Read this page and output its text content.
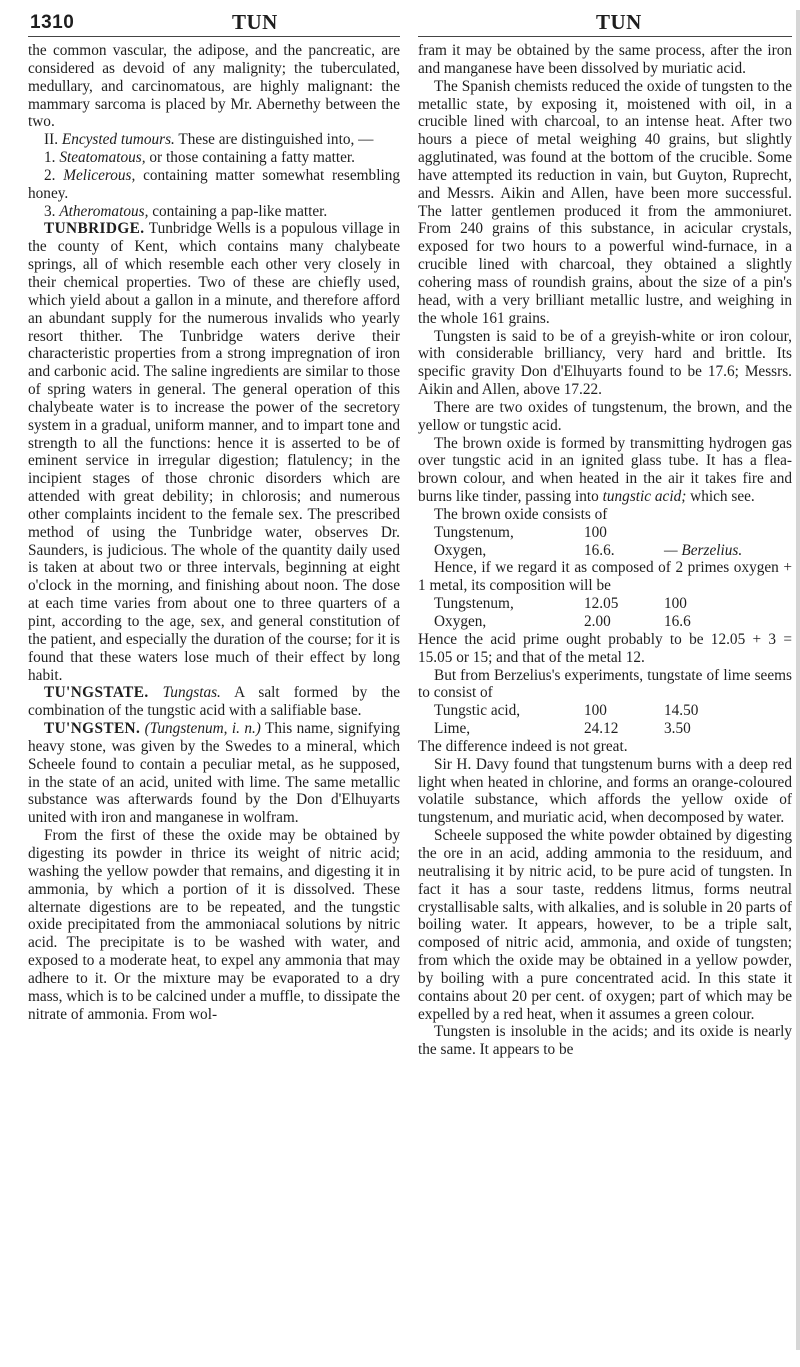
1310	TUN	TUN

the common vascular, the adipose, and the pancreatic, are considered as devoid of any malignity; the tuberculated, medullary, and carcinomatous, are highly malignant: the mammary sarcoma is placed by Mr. Abernethy between the two.

II. Encysted tumours. These are distinguished into, —

1. Steatomatous, or those containing a fatty matter.

2. Melicerous, containing matter somewhat resembling honey.

3. Atheromatous, containing a pap-like matter.

TUNBRIDGE. Tunbridge Wells is a populous village in the county of Kent, which contains many chalybeate springs, all of which resemble each other very closely in their chemical properties. Two of these are chiefly used, which yield about a gallon in a minute, and therefore afford an abundant supply for the numerous invalids who yearly resort thither. The Tunbridge waters derive their characteristic properties from a strong impregnation of iron and carbonic acid. The saline ingredients are similar to those of spring waters in general. The general operation of this chalybeate water is to increase the power of the secretory system in a gradual, uniform manner, and to impart tone and strength to all the functions: hence it is asserted to be of eminent service in irregular digestion; flatulency; in the incipient stages of those chronic disorders which are attended with great debility; in chlorosis; and numerous other complaints incident to the female sex. The prescribed method of using the Tunbridge water, observes Dr. Saunders, is judicious. The whole of the quantity daily used is taken at about two or three intervals, beginning at eight o'clock in the morning, and finishing about noon. The dose at each time varies from about one to three quarters of a pint, according to the age, sex, and general constitution of the patient, and especially the duration of the course; for it is found that these waters lose much of their effect by long habit.

TU'NGSTATE. Tungstas. A salt formed by the combination of the tungstic acid with a salifiable base.

TU'NGSTEN. (Tungstenum, i. n.) This name, signifying heavy stone, was given by the Swedes to a mineral, which Scheele found to contain a peculiar metal, as he supposed, in the state of an acid, united with lime. The same metallic substance was afterwards found by the Don d'Elhuyarts united with iron and manganese in wolfram.

From the first of these the oxide may be obtained by digesting its powder in thrice its weight of nitric acid; washing the yellow powder that remains, and digesting it in ammonia, by which a portion of it is dissolved. These alternate digestions are to be repeated, and the tungstic oxide precipitated from the ammoniacal solutions by nitric acid. The precipitate is to be washed with water, and exposed to a moderate heat, to expel any ammonia that may adhere to it. Or the mixture may be evaporated to a dry mass, which is to be calcined under a muffle, to dissipate the nitrate of ammonia. From wol-

fram it may be obtained by the same process, after the iron and manganese have been dissolved by muriatic acid.

The Spanish chemists reduced the oxide of tungsten to the metallic state, by exposing it, moistened with oil, in a crucible lined with charcoal, to an intense heat. After two hours a piece of metal weighing 40 grains, but slightly agglutinated, was found at the bottom of the crucible. Some have attempted its reduction in vain, but Guyton, Ruprecht, and Messrs. Aikin and Allen, have been more successful. The latter gentlemen produced it from the ammoniuret. From 240 grains of this substance, in acicular crystals, exposed for two hours to a powerful wind-furnace, in a crucible lined with charcoal, they obtained a slightly cohering mass of roundish grains, about the size of a pin's head, with a very brilliant metallic lustre, and weighing in the whole 161 grains.

Tungsten is said to be of a greyish-white or iron colour, with considerable brilliancy, very hard and brittle. Its specific gravity Don d'Elhuyarts found to be 17.6; Messrs. Aikin and Allen, above 17.22.

There are two oxides of tungstenum, the brown, and the yellow or tungstic acid.

The brown oxide is formed by transmitting hydrogen gas over tungstic acid in an ignited glass tube. It has a flea-brown colour, and when heated in the air it takes fire and burns like tinder, passing into tungstic acid; which see.

The brown oxide consists of

Tungstenum,	100	
Oxygen,	16.6.	— Berzelius.

Hence, if we regard it as composed of 2 primes oxygen + 1 metal, its composition will be

Tungstenum,	12.05	100
Oxygen,	2.00	16.6

Hence the acid prime ought probably to be 12.05 + 3 = 15.05 or 15; and that of the metal 12.

But from Berzelius's experiments, tungstate of lime seems to consist of

Tungstic acid,	100	14.50
Lime,	24.12	3.50

The difference indeed is not great.

Sir H. Davy found that tungstenum burns with a deep red light when heated in chlorine, and forms an orange-coloured volatile substance, which affords the yellow oxide of tungstenum, and muriatic acid, when decomposed by water.

Scheele supposed the white powder obtained by digesting the ore in an acid, adding ammonia to the residuum, and neutralising it by nitric acid, to be pure acid of tungsten. In fact it has a sour taste, reddens litmus, forms neutral crystallisable salts, with alkalies, and is soluble in 20 parts of boiling water. It appears, however, to be a triple salt, composed of nitric acid, ammonia, and oxide of tungsten; from which the oxide may be obtained in a yellow powder, by boiling with a pure concentrated acid. In this state it contains about 20 per cent. of oxygen; part of which may be expelled by a red heat, when it assumes a green colour.

Tungsten is insoluble in the acids; and its oxide is nearly the same. It appears to be
